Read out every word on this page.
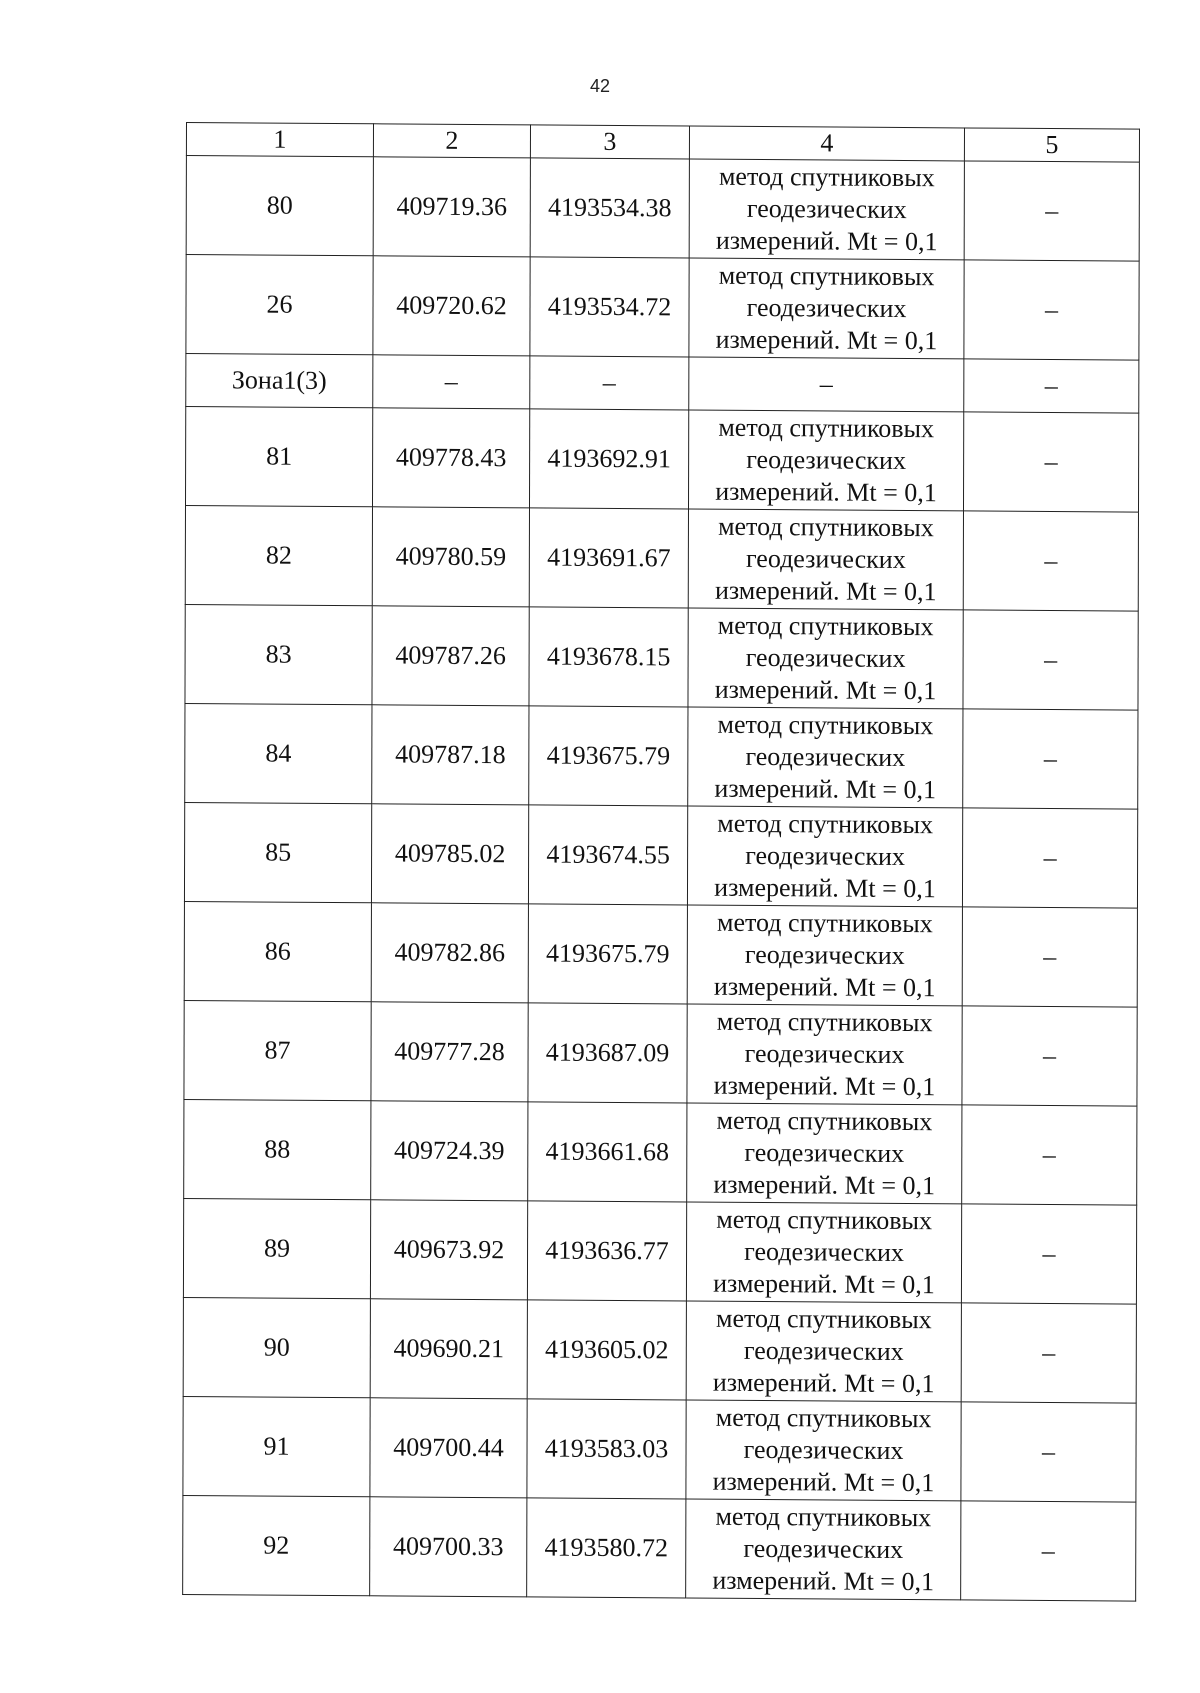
42
1	2	3	4	5
80	409719.36	4193534.38	метод спутниковых
геодезических
измерений. Mt = 0,1	–
26	409720.62	4193534.72	метод спутниковых
геодезических
измерений. Mt = 0,1	–
Зона1(3)	–	–	–	–
81	409778.43	4193692.91	метод спутниковых
геодезических
измерений. Mt = 0,1	–
82	409780.59	4193691.67	метод спутниковых
геодезических
измерений. Mt = 0,1	–
83	409787.26	4193678.15	метод спутниковых
геодезических
измерений. Mt = 0,1	–
84	409787.18	4193675.79	метод спутниковых
геодезических
измерений. Mt = 0,1	–
85	409785.02	4193674.55	метод спутниковых
геодезических
измерений. Mt = 0,1	–
86	409782.86	4193675.79	метод спутниковых
геодезических
измерений. Mt = 0,1	–
87	409777.28	4193687.09	метод спутниковых
геодезических
измерений. Mt = 0,1	–
88	409724.39	4193661.68	метод спутниковых
геодезических
измерений. Mt = 0,1	–
89	409673.92	4193636.77	метод спутниковых
геодезических
измерений. Mt = 0,1	–
90	409690.21	4193605.02	метод спутниковых
геодезических
измерений. Mt = 0,1	–
91	409700.44	4193583.03	метод спутниковых
геодезических
измерений. Mt = 0,1	–
92	409700.33	4193580.72	метод спутниковых
геодезических
измерений. Mt = 0,1	–
